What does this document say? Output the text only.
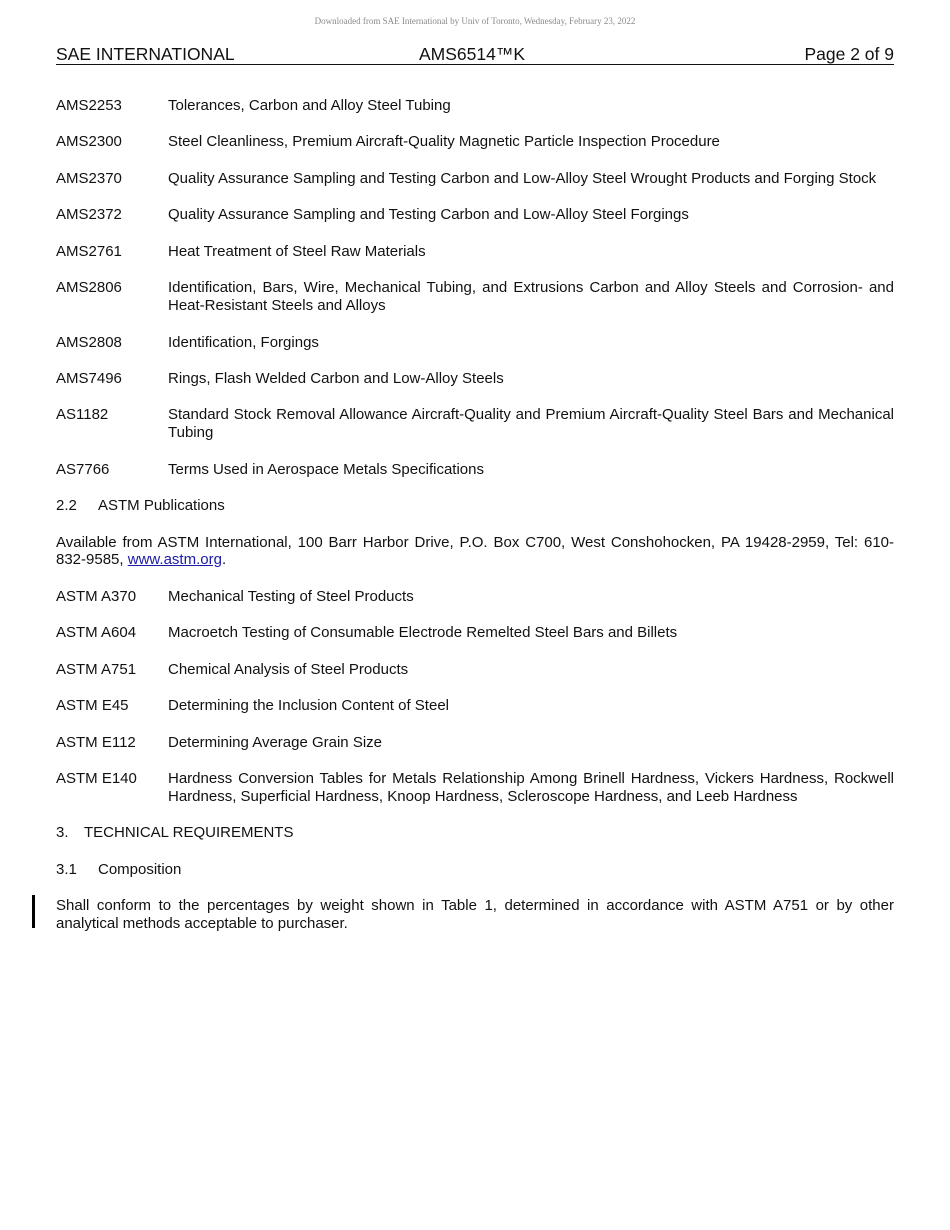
Downloaded from SAE International by Univ of Toronto, Wednesday, February 23, 2022
SAE INTERNATIONAL	AMS6514™K	Page 2 of 9
AMS2253	Tolerances, Carbon and Alloy Steel Tubing
AMS2300	Steel Cleanliness, Premium Aircraft-Quality Magnetic Particle Inspection Procedure
AMS2370	Quality Assurance Sampling and Testing Carbon and Low-Alloy Steel Wrought Products and Forging Stock
AMS2372	Quality Assurance Sampling and Testing Carbon and Low-Alloy Steel Forgings
AMS2761	Heat Treatment of Steel Raw Materials
AMS2806	Identification, Bars, Wire, Mechanical Tubing, and Extrusions Carbon and Alloy Steels and Corrosion- and Heat-Resistant Steels and Alloys
AMS2808	Identification, Forgings
AMS7496	Rings, Flash Welded Carbon and Low-Alloy Steels
AS1182	Standard Stock Removal Allowance Aircraft-Quality and Premium Aircraft-Quality Steel Bars and Mechanical Tubing
AS7766	Terms Used in Aerospace Metals Specifications
2.2 ASTM Publications
Available from ASTM International, 100 Barr Harbor Drive, P.O. Box C700, West Conshohocken, PA 19428-2959, Tel: 610-832-9585, www.astm.org.
ASTM A370	Mechanical Testing of Steel Products
ASTM A604	Macroetch Testing of Consumable Electrode Remelted Steel Bars and Billets
ASTM A751	Chemical Analysis of Steel Products
ASTM E45	Determining the Inclusion Content of Steel
ASTM E112	Determining Average Grain Size
ASTM E140	Hardness Conversion Tables for Metals Relationship Among Brinell Hardness, Vickers Hardness, Rockwell Hardness, Superficial Hardness, Knoop Hardness, Scleroscope Hardness, and Leeb Hardness
3. TECHNICAL REQUIREMENTS
3.1 Composition
Shall conform to the percentages by weight shown in Table 1, determined in accordance with ASTM A751 or by other analytical methods acceptable to purchaser.
